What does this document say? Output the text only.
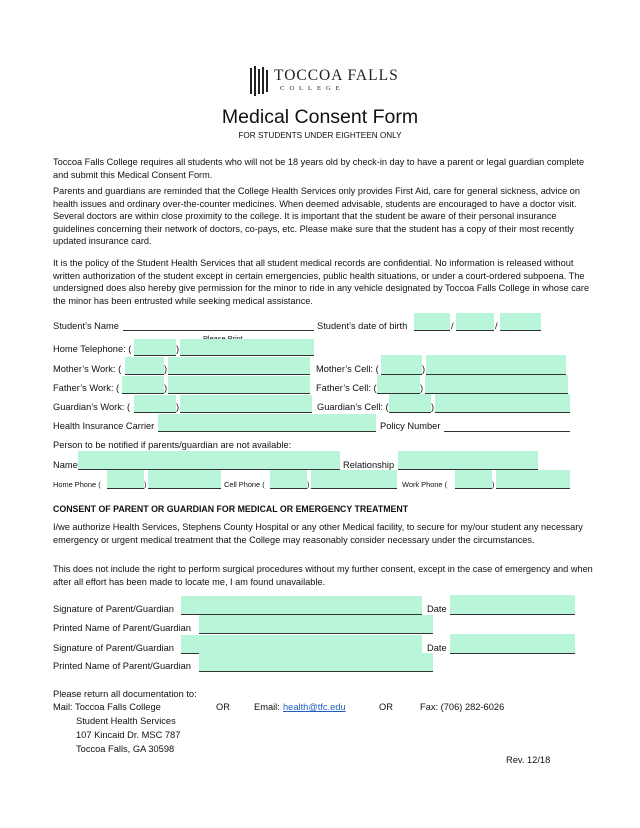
TOCCOA FALLS
COLLEGE
Medical Consent Form
FOR STUDENTS UNDER EIGHTEEN ONLY
Toccoa Falls College requires all students who will not be 18 years old by check-in day to have a parent or legal guardian complete and submit this Medical Consent Form.
Parents and guardians are reminded that the College Health Services only provides First Aid, care for general sickness, advice on health issues and ordinary over-the-counter medicines. When deemed advisable, students are encouraged to have a doctor visit. Several doctors are within close proximity to the college. It is important that the student be aware of their personal insurance guidelines concerning their network of doctors, co-pays, etc. Please make sure that the student has a copy of their most recently updated insurance card.
It is the policy of the Student Health Services that all student medical records are confidential. No information is released without written authorization of the student except in certain emergencies, public health situations, or under a court-ordered subpoena. The undersigned does also hereby give permission for the minor to ride in any vehicle designated by Toccoa Falls College in whose care the minor has been entrusted while seeking medical assistance.
Student’s Name	Student’s date of birth	/	/
Home Telephone: (	)
Mother’s Work: (	)	Mother’s Cell: (	)
Father’s Work: (	)	Father’s Cell: (	)
Guardian’s Work: (	)	Guardian’s Cell: (	)
Health Insurance Carrier	Policy Number
Person to be notified if parents/guardian are not available:
Name	Relationship
Home Phone (	)	Cell Phone (	)	Work Phone (	)
CONSENT OF PARENT OR GUARDIAN FOR MEDICAL OR EMERGENCY TREATMENT
I/we authorize Health Services, Stephens County Hospital or any other Medical facility, to secure for my/our student any necessary emergency or urgent medical treatment that the College may reasonably consider necessary under the circumstances.
This does not include the right to perform surgical procedures without my further consent, except in the case of emergency and when after all effort has been made to locate me, I am found unavailable.
Signature of Parent/Guardian	Date
Printed Name of Parent/Guardian
Signature of Parent/Guardian	Date
Printed Name of Parent/Guardian
Please return all documentation to:
Mail: Toccoa Falls College
Student Health Services
107 Kincaid Dr. MSC 787
Toccoa Falls, GA 30598
OR	Email: health@tfc.edu	OR	Fax: (706) 282-6026
Rev. 12/18
